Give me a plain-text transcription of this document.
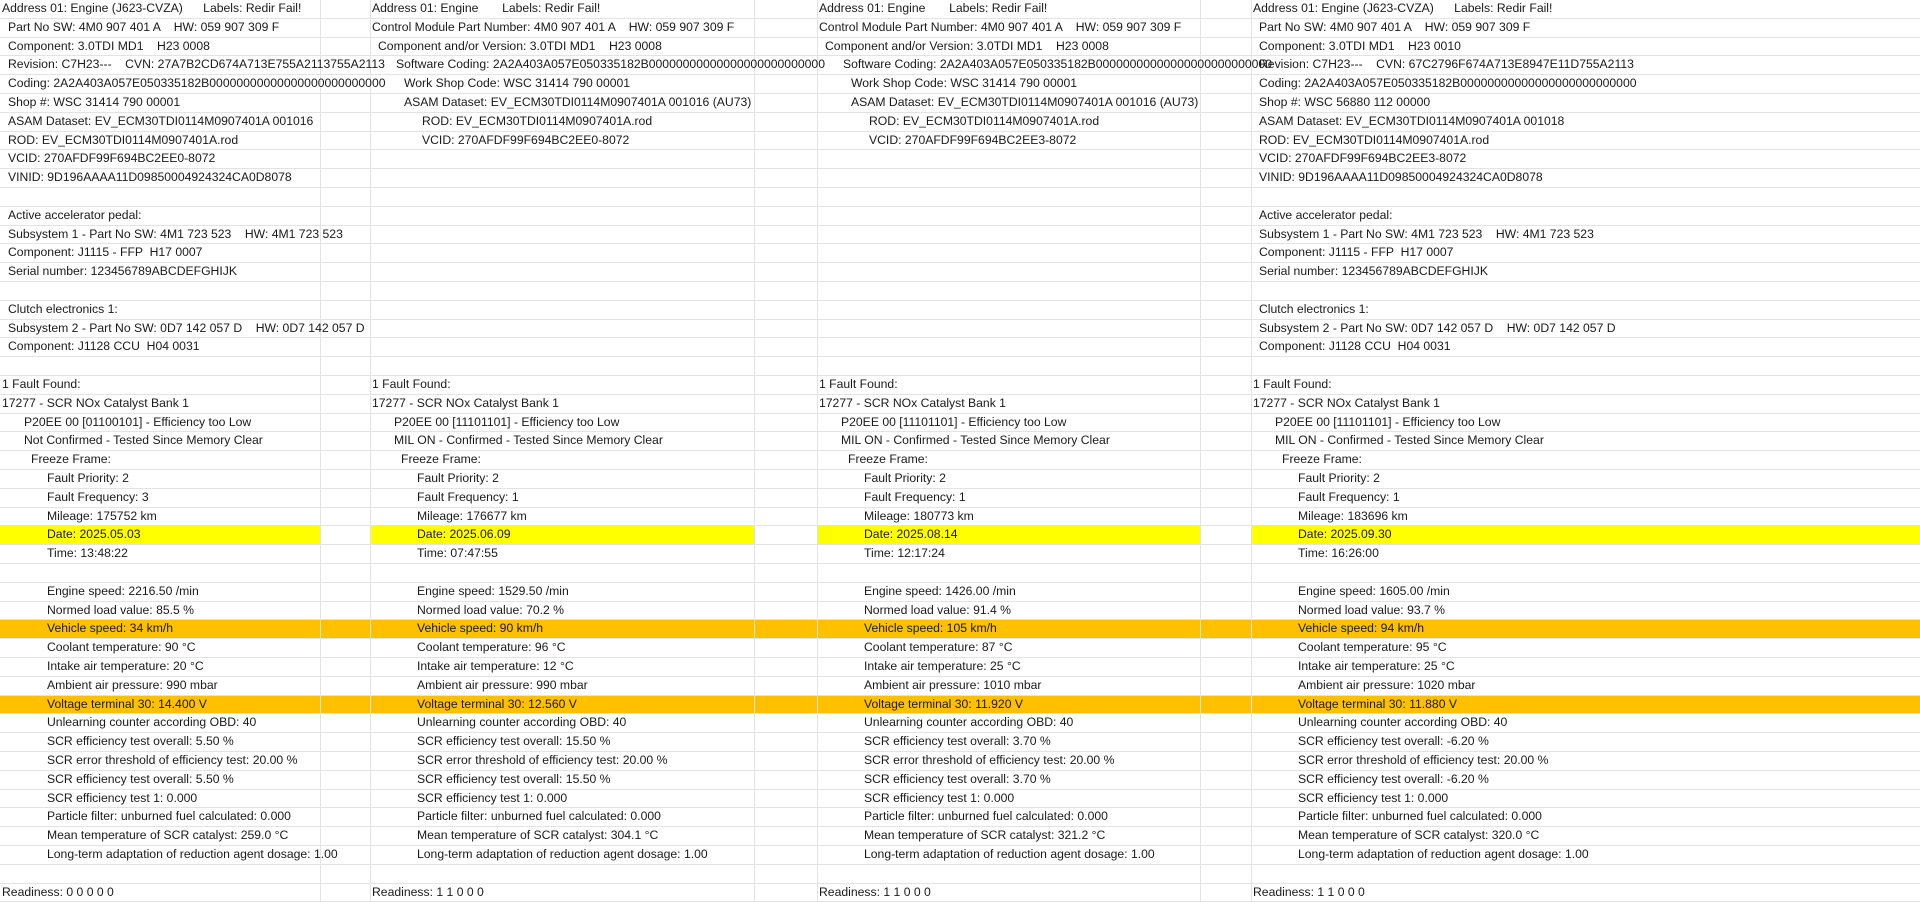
Address 01: Engine (J623-CVZA)      Labels: Redir Fail!
Part No SW: 4M0 907 401 A    HW: 059 907 309 F
Component: 3.0TDI MD1    H23 0008
Revision: C7H23---    CVN: 27A7B2CD674A713E755A2113755A2113
Coding: 2A2A403A057E050335182B00000000000000000000000000
Shop #: WSC 31414 790 00001
ASAM Dataset: EV_ECM30TDI0114M0907401A 001016
ROD: EV_ECM30TDI0114M0907401A.rod
VCID: 270AFDF99F694BC2EE0-8072
VINID: 9D196AAAA11D09850004924324CA0D8078
Active accelerator pedal:
Subsystem 1 - Part No SW: 4M1 723 523    HW: 4M1 723 523
Component: J1115 - FFP  H17 0007
Serial number: 123456789ABCDEFGHIJK
Clutch electronics 1:
Subsystem 2 - Part No SW: 0D7 142 057 D    HW: 0D7 142 057 D
Component: J1128 CCU  H04 0031
1 Fault Found:
17277 - SCR NOx Catalyst Bank 1
P20EE 00 [01100101] - Efficiency too Low
Not Confirmed - Tested Since Memory Clear
Freeze Frame:
Fault Priority: 2
Fault Frequency: 3
Mileage: 175752 km
Date: 2025.05.03
Time: 13:48:22
Engine speed: 2216.50 /min
Normed load value: 85.5 %
Vehicle speed: 34 km/h
Coolant temperature: 90 °C
Intake air temperature: 20 °C
Ambient air pressure: 990 mbar
Voltage terminal 30: 14.400 V
Unlearning counter according OBD: 40
SCR efficiency test overall: 5.50 %
SCR error threshold of efficiency test: 20.00 %
SCR efficiency test overall: 5.50 %
SCR efficiency test 1: 0.000
Particle filter: unburned fuel calculated: 0.000
Mean temperature of SCR catalyst: 259.0 °C
Long-term adaptation of reduction agent dosage: 1.00
Readiness: 0 0 0 0 0
Address 01: Engine       Labels: Redir Fail!
Control Module Part Number: 4M0 907 401 A    HW: 059 907 309 F
Component and/or Version: 3.0TDI MD1    H23 0008
Software Coding: 2A2A403A057E050335182B00000000000000000000000000
Work Shop Code: WSC 31414 790 00001
ASAM Dataset: EV_ECM30TDI0114M0907401A 001016 (AU73)
ROD: EV_ECM30TDI0114M0907401A.rod
VCID: 270AFDF99F694BC2EE0-8072
1 Fault Found:
17277 - SCR NOx Catalyst Bank 1
P20EE 00 [11101101] - Efficiency too Low
MIL ON - Confirmed - Tested Since Memory Clear
Freeze Frame:
Fault Priority: 2
Fault Frequency: 1
Mileage: 176677 km
Date: 2025.06.09
Time: 07:47:55
Engine speed: 1529.50 /min
Normed load value: 70.2 %
Vehicle speed: 90 km/h
Coolant temperature: 96 °C
Intake air temperature: 12 °C
Ambient air pressure: 990 mbar
Voltage terminal 30: 12.560 V
Unlearning counter according OBD: 40
SCR efficiency test overall: 15.50 %
SCR error threshold of efficiency test: 20.00 %
SCR efficiency test overall: 15.50 %
SCR efficiency test 1: 0.000
Particle filter: unburned fuel calculated: 0.000
Mean temperature of SCR catalyst: 304.1 °C
Long-term adaptation of reduction agent dosage: 1.00
Readiness: 1 1 0 0 0
Address 01: Engine       Labels: Redir Fail!
Control Module Part Number: 4M0 907 401 A    HW: 059 907 309 F
Component and/or Version: 3.0TDI MD1    H23 0008
Software Coding: 2A2A403A057E050335182B00000000000000000000000000
Work Shop Code: WSC 31414 790 00001
ASAM Dataset: EV_ECM30TDI0114M0907401A 001016 (AU73)
ROD: EV_ECM30TDI0114M0907401A.rod
VCID: 270AFDF99F694BC2EE3-8072
1 Fault Found:
17277 - SCR NOx Catalyst Bank 1
P20EE 00 [11101101] - Efficiency too Low
MIL ON - Confirmed - Tested Since Memory Clear
Freeze Frame:
Fault Priority: 2
Fault Frequency: 1
Mileage: 180773 km
Date: 2025.08.14
Time: 12:17:24
Engine speed: 1426.00 /min
Normed load value: 91.4 %
Vehicle speed: 105 km/h
Coolant temperature: 87 °C
Intake air temperature: 25 °C
Ambient air pressure: 1010 mbar
Voltage terminal 30: 11.920 V
Unlearning counter according OBD: 40
SCR efficiency test overall: 3.70 %
SCR error threshold of efficiency test: 20.00 %
SCR efficiency test overall: 3.70 %
SCR efficiency test 1: 0.000
Particle filter: unburned fuel calculated: 0.000
Mean temperature of SCR catalyst: 321.2 °C
Long-term adaptation of reduction agent dosage: 1.00
Readiness: 1 1 0 0 0
Address 01: Engine (J623-CVZA)      Labels: Redir Fail!
Part No SW: 4M0 907 401 A    HW: 059 907 309 F
Component: 3.0TDI MD1    H23 0010
Revision: C7H23---    CVN: 67C2796F674A713E8947E11D755A2113
Coding: 2A2A403A057E050335182B00000000000000000000000000
Shop #: WSC 56880 112 00000
ASAM Dataset: EV_ECM30TDI0114M0907401A 001018
ROD: EV_ECM30TDI0114M0907401A.rod
VCID: 270AFDF99F694BC2EE3-8072
VINID: 9D196AAAA11D09850004924324CA0D8078
Active accelerator pedal:
Subsystem 1 - Part No SW: 4M1 723 523    HW: 4M1 723 523
Component: J1115 - FFP  H17 0007
Serial number: 123456789ABCDEFGHIJK
Clutch electronics 1:
Subsystem 2 - Part No SW: 0D7 142 057 D    HW: 0D7 142 057 D
Component: J1128 CCU  H04 0031
1 Fault Found:
17277 - SCR NOx Catalyst Bank 1
P20EE 00 [11101101] - Efficiency too Low
MIL ON - Confirmed - Tested Since Memory Clear
Freeze Frame:
Fault Priority: 2
Fault Frequency: 1
Mileage: 183696 km
Date: 2025.09.30
Time: 16:26:00
Engine speed: 1605.00 /min
Normed load value: 93.7 %
Vehicle speed: 94 km/h
Coolant temperature: 95 °C
Intake air temperature: 25 °C
Ambient air pressure: 1020 mbar
Voltage terminal 30: 11.880 V
Unlearning counter according OBD: 40
SCR efficiency test overall: -6.20 %
SCR error threshold of efficiency test: 20.00 %
SCR efficiency test overall: -6.20 %
SCR efficiency test 1: 0.000
Particle filter: unburned fuel calculated: 0.000
Mean temperature of SCR catalyst: 320.0 °C
Long-term adaptation of reduction agent dosage: 1.00
Readiness: 1 1 0 0 0
